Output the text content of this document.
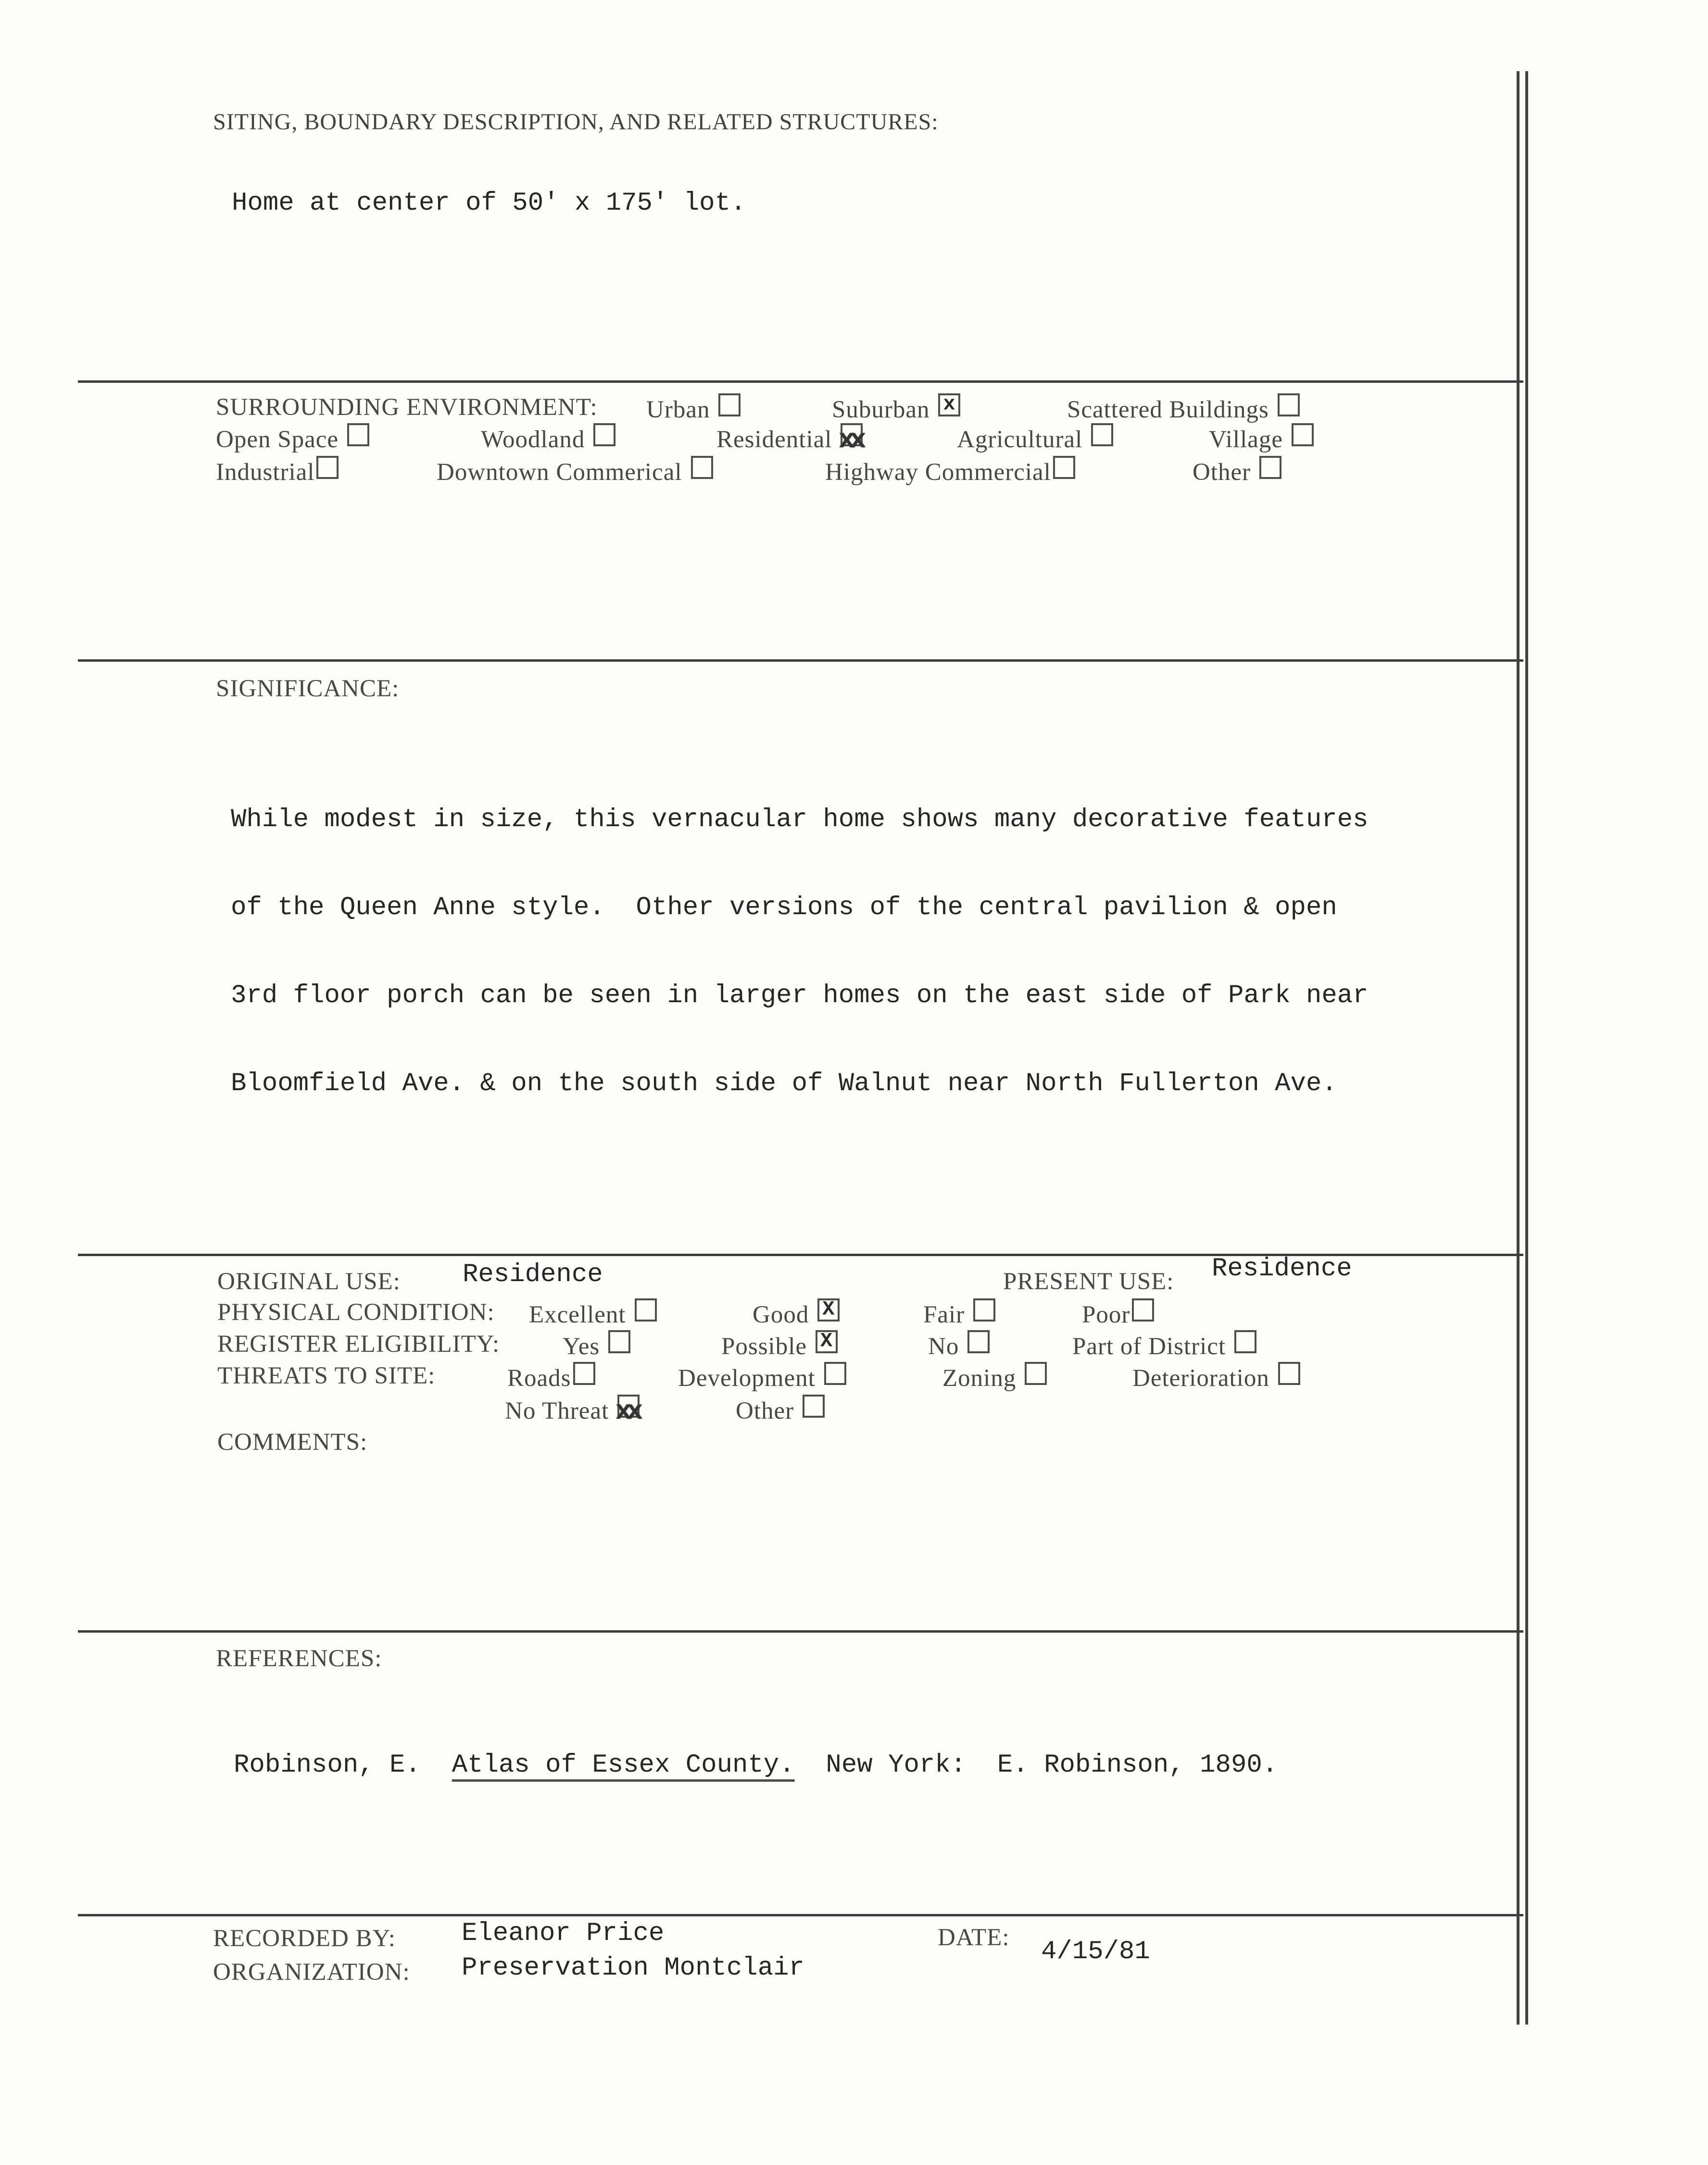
SITING, BOUNDARY DESCRIPTION, AND RELATED STRUCTURES:
Home at center of 50' x 175' lot.
SURROUNDING ENVIRONMENT: Urban	Suburban x	Scattered Buildings
Open Space	Woodland	Residential xx	Agricultural	Village
Industrial	Downtown Commerical	Highway Commercial	Other
SIGNIFICANCE:

While modest in size, this vernacular home shows many decorative features

of the Queen Anne style.  Other versions of the central pavilion & open

3rd floor porch can be seen in larger homes on the east side of Park near

Bloomfield Ave. & on the south side of Walnut near North Fullerton Ave.

ORIGINAL USE: Residence	PRESENT USE: Residence
PHYSICAL CONDITION: Excellent	Good X	Fair	Poor
REGISTER ELIGIBILITY:	Yes	Possible X	No	Part of District
THREATS TO SITE:	Roads	Development	Zoning	Deterioration
No Threat xx	Other
COMMENTS:
REFERENCES:
Robinson, E.  Atlas of Essex County.  New York:  E. Robinson, 1890.
RECORDED BY:	Eleanor Price	DATE: 4/15/81
ORGANIZATION: Preservation Montclair
